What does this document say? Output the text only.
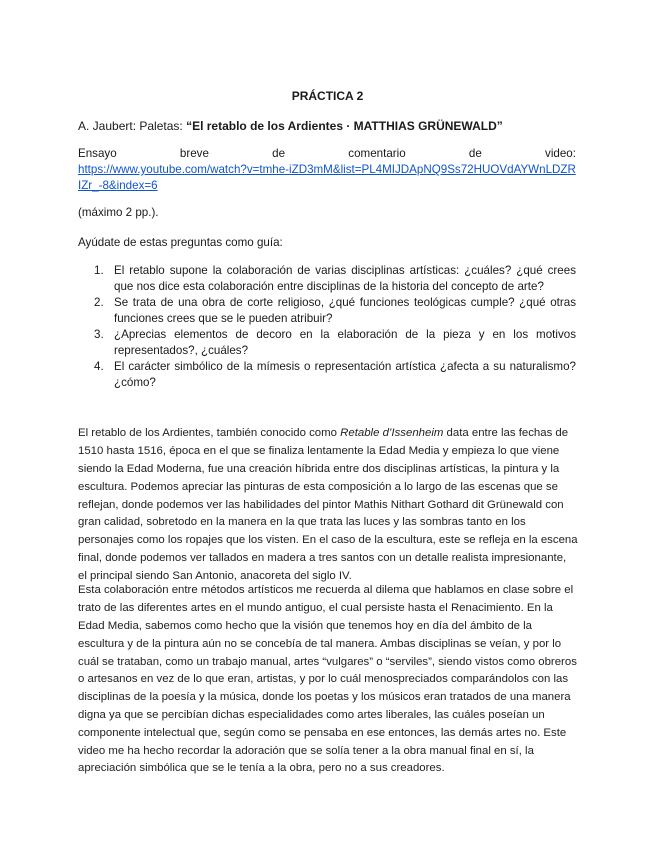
PRÁCTICA 2
A. Jaubert: Paletas: “El retablo de los Ardientes · MATTHIAS GRÜNEWALD”
Ensayo	breve	de	comentario	de	video:
https://www.youtube.com/watch?v=tmhe-iZD3mM&list=PL4MIJDApNQ9Ss72HUOVdAYWnLDZRIZr_-8&index=6
(máximo 2 pp.).
Ayúdate de estas preguntas como guía:
1. El retablo supone la colaboración de varias disciplinas artísticas: ¿cuáles? ¿qué crees que nos dice esta colaboración entre disciplinas de la historia del concepto de arte?
2. Se trata de una obra de corte religioso, ¿qué funciones teológicas cumple? ¿qué otras funciones crees que se le pueden atribuir?
3. ¿Aprecias elementos de decoro en la elaboración de la pieza y en los motivos representados?, ¿cuáles?
4. El carácter simbólico de la mímesis o representación artística ¿afecta a su naturalismo? ¿cómo?

El retablo de los Ardientes, también conocido como Retable d’Issenheim data entre las fechas de 1510 hasta 1516, época en el que se finaliza lentamente la Edad Media y empieza lo que viene siendo la Edad Moderna, fue una creación híbrida entre dos disciplinas artísticas, la pintura y la escultura. Podemos apreciar las pinturas de esta composición a lo largo de las escenas que se reflejan, donde podemos ver las habilidades del pintor Mathis Nithart Gothard dit Grünewald con gran calidad, sobretodo en la manera en la que trata las luces y las sombras tanto en los personajes como los ropajes que los visten. En el caso de la escultura, este se refleja en la escena final, donde podemos ver tallados en madera a tres santos con un detalle realista impresionante, el principal siendo San Antonio, anacoreta del siglo IV.

Esta colaboración entre métodos artísticos me recuerda al dilema que hablamos en clase sobre el trato de las diferentes artes en el mundo antiguo, el cual persiste hasta el Renacimiento. En la Edad Media, sabemos como hecho que la visión que tenemos hoy en día del ámbito de la escultura y de la pintura aún no se concebía de tal manera. Ambas disciplinas se veían, y por lo cuál se trataban, como un trabajo manual, artes “vulgares” o “serviles”, siendo vistos como obreros o artesanos en vez de lo que eran, artistas, y por lo cuál menospreciados comparándolos con las disciplinas de la poesía y la música, donde los poetas y los músicos eran tratados de una manera digna ya que se percibían dichas especialidades como artes liberales, las cuáles poseían un componente intelectual que, según como se pensaba en ese entonces, las demás artes no. Este video me ha hecho recordar la adoración que se solía tener a la obra manual final en sí, la apreciación simbólica que se le tenía a la obra, pero no a sus creadores.
